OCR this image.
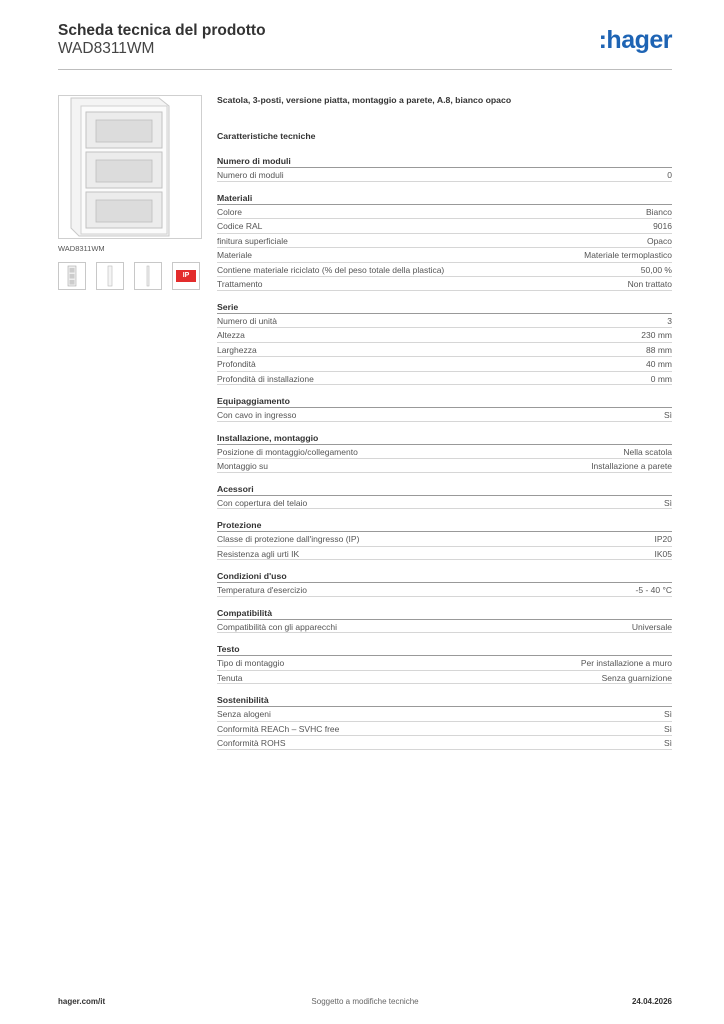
Scheda tecnica del prodotto
WAD8311WM	:hager
WAD8311WM
IP
Scatola, 3-posti, versione piatta, montaggio a parete, A.8, bianco opaco
Caratteristiche tecniche
Numero di moduli
Numero di moduli	0
Materiali
Colore	Bianco
Codice RAL	9016
finitura superficiale	Opaco
Materiale	Materiale termoplastico
Contiene materiale riciclato (% del peso totale della plastica)	50,00 %
Trattamento	Non trattato
Serie
Numero di unità	3
Altezza	230 mm
Larghezza	88 mm
Profondità	40 mm
Profondità di installazione	0 mm
Equipaggiamento
Con cavo in ingresso	Sì
Installazione, montaggio
Posizione di montaggio/collegamento	Nella scatola
Montaggio su	Installazione a parete
Acessori
Con copertura del telaio	Sì
Protezione
Classe di protezione dall'ingresso (IP)	IP20
Resistenza agli urti IK	IK05
Condizioni d'uso
Temperatura d'esercizio	-5 - 40 °C
Compatibilità
Compatibilità con gli apparecchi	Universale
Testo
Tipo di montaggio	Per installazione a muro
Tenuta	Senza guarnizione
Sostenibilità
Senza alogeni	Sì
Conformità REACh – SVHC free	Sì
Conformità ROHS	Sì
Soggetto a modifiche tecniche
hager.com/it	24.04.2026
